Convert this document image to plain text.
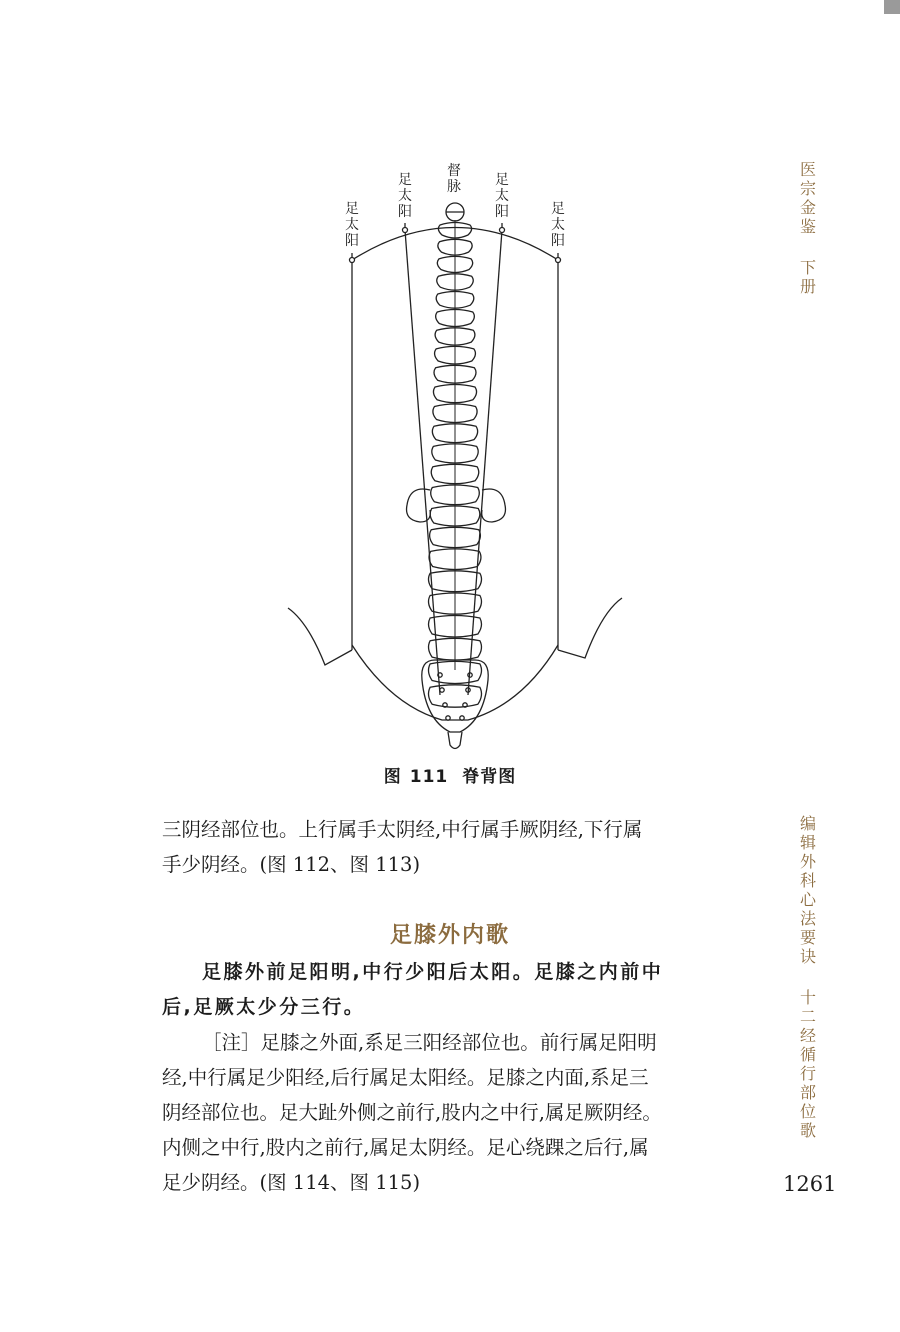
医
宗
金
鉴
下
册
编
辑
外
科
心
法
要
诀
十
二
经
循
行
部
位
歌
1261
督
脉
足
太
阳
足
太
阳
足
太
阳	足
太
阳
图 111 脊背图
三阴经部位也。上行属手太阴经,中行属手厥阴经,下行属
手少阴经。(图 112、图 113)
足膝外内歌
足膝外前足阳明,中行少阳后太阳。足膝之内前中
后,足厥太少分三行。
［注］足膝之外面,系足三阳经部位也。前行属足阳明
经,中行属足少阳经,后行属足太阳经。足膝之内面,系足三
阴经部位也。足大趾外侧之前行,股内之中行,属足厥阴经。
内侧之中行,股内之前行,属足太阴经。足心绕踝之后行,属
足少阴经。(图 114、图 115)
